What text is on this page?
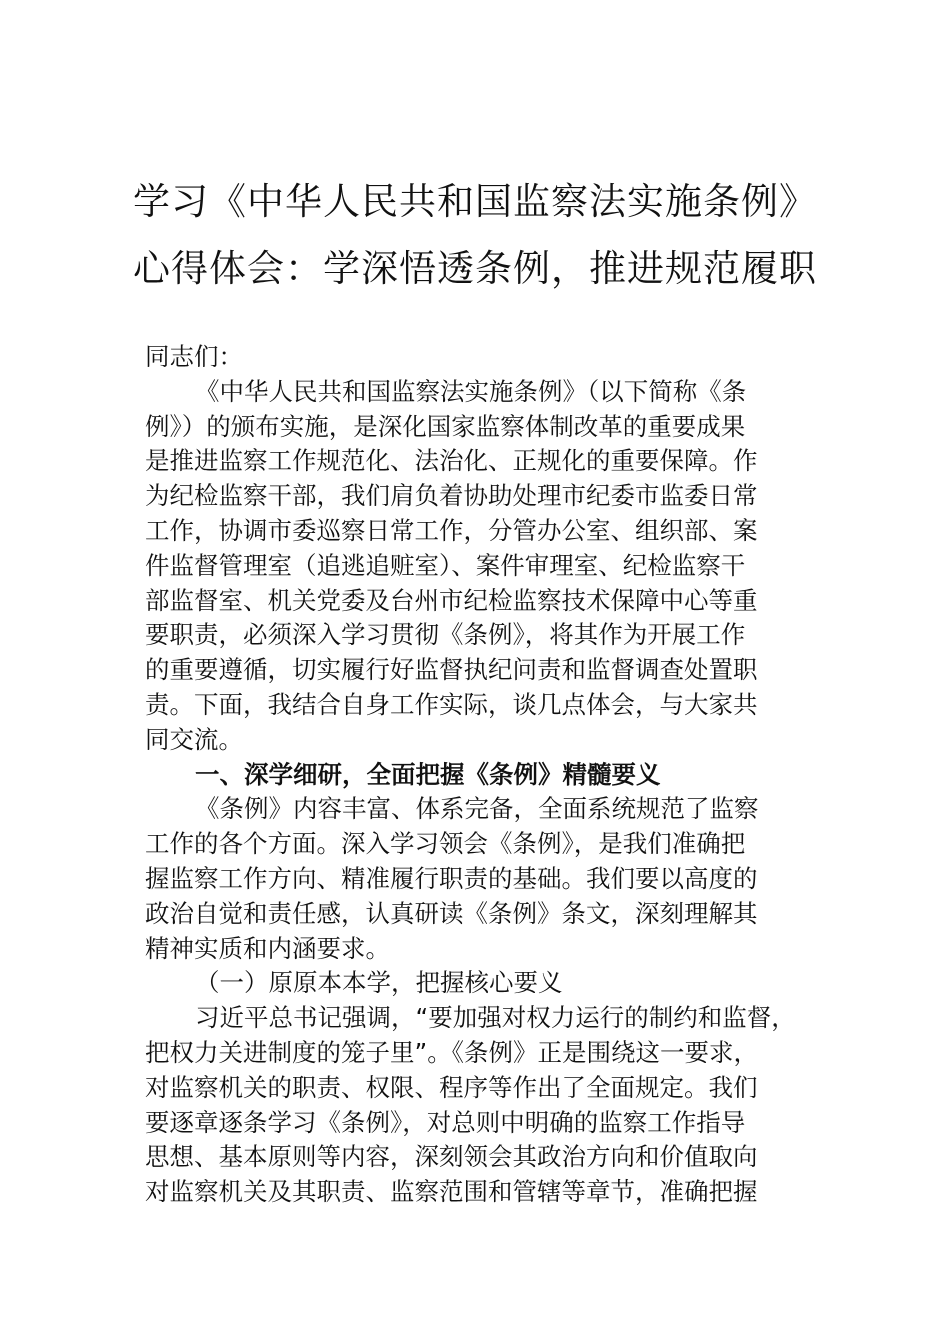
学习《中华人民共和国监察法实施条例》
心得体会：学深悟透条例，推进规范履职
同志们：
《中华人民共和国监察法实施条例》（以下简称《条
例》）的颁布实施，是深化国家监察体制改革的重要成果
是推进监察工作规范化、法治化、正规化的重要保障。作
为纪检监察干部，我们肩负着协助处理市纪委市监委日常
工作，协调市委巡察日常工作，分管办公室、组织部、案
件监督管理室（追逃追赃室）、案件审理室、纪检监察干
部监督室、机关党委及台州市纪检监察技术保障中心等重
要职责，必须深入学习贯彻《条例》，将其作为开展工作
的重要遵循，切实履行好监督执纪问责和监督调查处置职
责。下面，我结合自身工作实际，谈几点体会，与大家共
同交流。
一、深学细研，全面把握《条例》精髓要义
《条例》内容丰富、体系完备，全面系统规范了监察
工作的各个方面。深入学习领会《条例》，是我们准确把
握监察工作方向、精准履行职责的基础。我们要以高度的
政治自觉和责任感，认真研读《条例》条文，深刻理解其
精神实质和内涵要求。
（一）原原本本学，把握核心要义
习近平总书记强调，“要加强对权力运行的制约和监督，
把权力关进制度的笼子里”。《条例》正是围绕这一要求，
对监察机关的职责、权限、程序等作出了全面规定。我们
要逐章逐条学习《条例》，对总则中明确的监察工作指导
思想、基本原则等内容，深刻领会其政治方向和价值取向
对监察机关及其职责、监察范围和管辖等章节，准确把握
